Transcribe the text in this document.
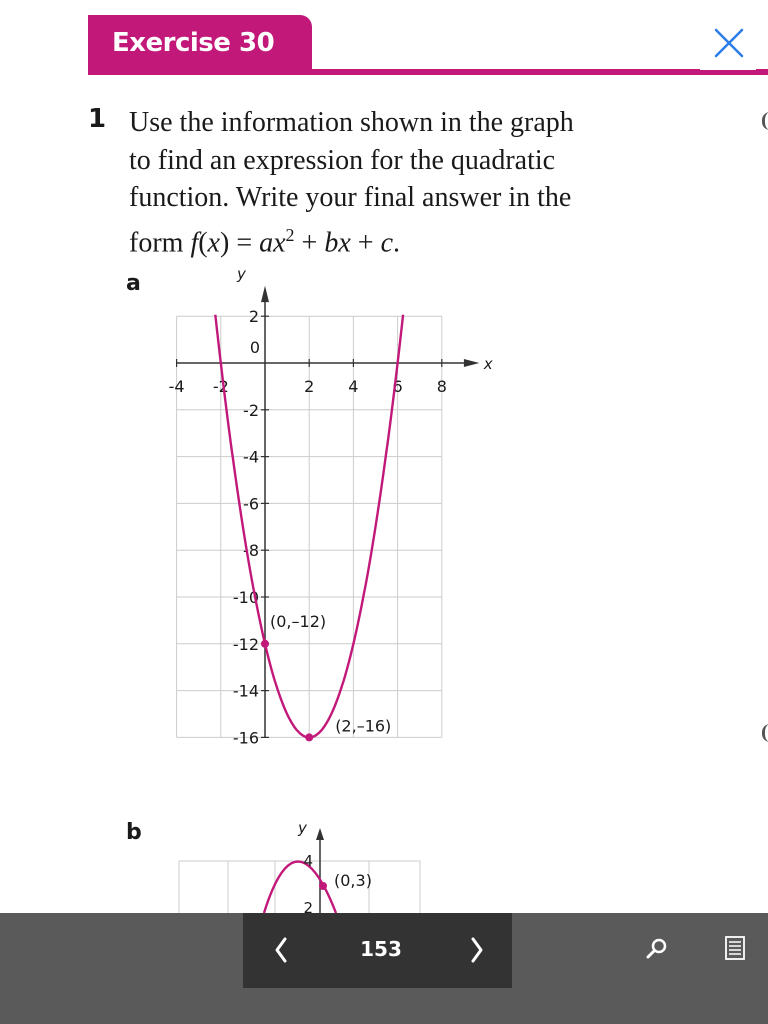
Exercise 30
1 Use the information shown in the graph
to find an expression for the quadratic
function. Write your final answer in the
form $f(x) = ax^2$ + bx + c.
a
b
x
y
-4 -2
0
2 4 6 8
2
-2
-4
-6
-8
-10
-12
-14
-16
(0,–12)
(2,–16)
y
4
2
(0,3)
153
